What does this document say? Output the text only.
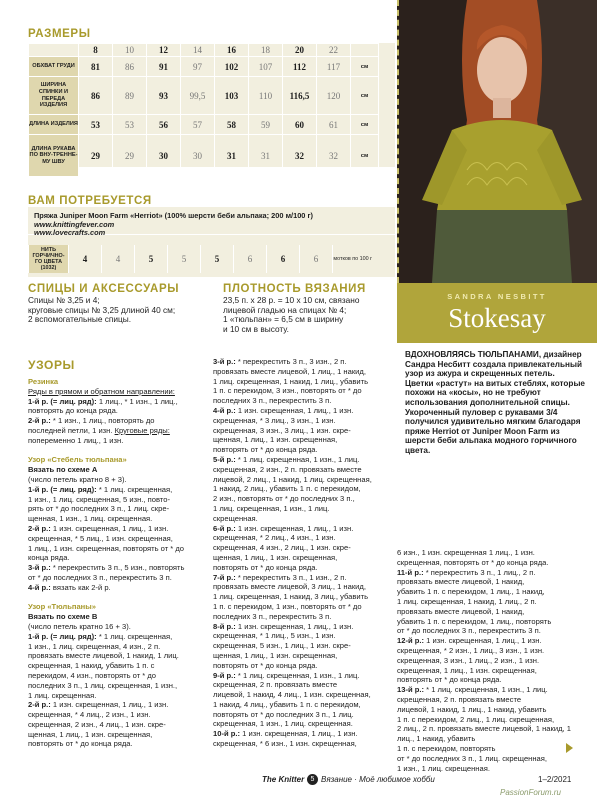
РАЗМЕРЫ
	8	10	12	14	16	18	20	22	
ОБХВАТ ГРУДИ	81	86	91	97	102	107	112	117	см
ШИРИНА СПИНКИ И ПЕРЕДА ИЗДЕЛИЯ	86	89	93	99,5	103	110	116,5	120	см
ДЛИНА ИЗДЕЛИЯ	53	53	56	57	58	59	60	61	см
ДЛИНА РУКАВА ПО ВНУ-ТРЕННЕ-МУ ШВУ	29	29	30	30	31	31	32	32	см
ВАМ ПОТРЕБУЕТСЯ
Пряжа Juniper Moon Farm «Herriot» (100% шерсти беби альпака; 200 м/100 г)
www.knittingfever.com
www.lovecrafts.com
НИТЬ ГОРЧИЧНО-ГО ЦВЕТА (1032)	4	4	5	5	5	6	6	6	мотков по 100 г
СПИЦЫ И АКСЕССУАРЫ
Спицы № 3,25 и 4;
круговые спицы № 3,25 длиной 40 см;
2 вспомогательные спицы.
ПЛОТНОСТЬ ВЯЗАНИЯ
23,5 п. х 28 р. = 10 х 10 см, связано
лицевой гладью на спицах № 4;
1 «тюльпан» = 6,5 см в ширину
и 10 см в высоту.
SANDRA NESBITT
Stokesay
УЗОРЫ
Резинка
Ряды в прямом и обратном направлении:
1-й р. (= лиц. ряд): 1 лиц., * 1 изн., 1 лиц.,
повторять до конца ряда.
2-й р.: * 1 изн., 1 лиц., повторять до
последней петли, 1 изн. Круговые ряды:
попеременно 1 лиц., 1 изн.

Узор «Стебель тюльпана»
Вязать по схеме А
(число петель кратно 8 + 3).
1-й р. (= лиц. ряд): * 1 лиц. скрещенная,
1 изн., 1 лиц. скрещенная, 5 изн., повто-
рять от * до последних 3 п., 1 лиц. скре-
щенная, 1 изн., 1 лиц. скрещенная.
2-й р.: 1 изн. скрещенная, 1 лиц., 1 изн.
скрещенная, * 5 лиц., 1 изн. скрещенная,
1 лиц., 1 изн. скрещенная, повторять от * до
конца ряда.
3-й р.: * перекрестить 3 п., 5 изн., повторять
от * до последних 3 п., перекрестить 3 п.
4-й р.: вязать как 2-й р.

Узор «Тюльпаны»
Вязать по схеме В
(число петель кратно 16 + 3).
1-й р. (= лиц. ряд): * 1 лиц. скрещенная,
1 изн., 1 лиц. скрещенная, 4 изн., 2 п.
провязать вместе лицевой, 1 накид, 1 лиц.
скрещенная, 1 накид, убавить 1 п. с
перекидом, 4 изн., повторять от * до
последних 3 п., 1 лиц. скрещенная, 1 изн.,
1 лиц. скрещенная.
2-й р.: 1 изн. скрещенная, 1 лиц., 1 изн.
скрещенная, * 4 лиц., 2 изн., 1 изн.
скрещенная, 2 изн., 4 лиц., 1 изн. скре-
щенная, 1 лиц., 1 изн. скрещенная,
повторять от * до конца ряда.
3-й р.: * перекрестить 3 п., 3 изн., 2 п.
провязать вместе лицевой, 1 лиц., 1 накид,
1 лиц. скрещенная, 1 накид, 1 лиц., убавить
1 п. с перекидом, 3 изн., повторять от * до
последних 3 п., перекрестить 3 п.
4-й р.: 1 изн. скрещенная, 1 лиц., 1 изн.
скрещенная, * 3 лиц., 3 изн., 1 изн.
скрещенная, 3 изн., 3 лиц., 1 изн. скре-
щенная, 1 лиц., 1 изн. скрещенная,
повторять от * до конца ряда.
5-й р.: * 1 лиц. скрещенная, 1 изн., 1 лиц.
скрещенная, 2 изн., 2 п. провязать вместе
лицевой, 2 лиц., 1 накид, 1 лиц. скрещенная,
1 накид, 2 лиц., убавить 1 п. с перекидом,
2 изн., повторять от * до последних 3 п.,
1 лиц. скрещенная, 1 изн., 1 лиц.
скрещенная.
6-й р.: 1 изн. скрещенная, 1 лиц., 1 изн.
скрещенная, * 2 лиц., 4 изн., 1 изн.
скрещенная, 4 изн., 2 лиц., 1 изн. скре-
щенная, 1 лиц., 1 изн. скрещенная,
повторять от * до конца ряда.
7-й р.: * перекрестить 3 п., 1 изн., 2 п.
провязать вместе лицевой, 3 лиц., 1 накид,
1 лиц. скрещенная, 1 накид, 3 лиц., убавить
1 п. с перекидом, 1 изн., повторять от * до
последних 3 п., перекрестить 3 п.
8-й р.: 1 изн. скрещенная, 1 лиц., 1 изн.
скрещенная, * 1 лиц., 5 изн., 1 изн.
скрещенная, 5 изн., 1 лиц., 1 изн. скре-
щенная, 1 лиц., 1 изн. скрещенная,
повторять от * до конца ряда.
9-й р.: * 1 лиц. скрещенная, 1 изн., 1 лиц.
скрещенная, 2 п. провязать вместе
лицевой, 1 накид, 4 лиц., 1 изн. скрещенная,
1 накид, 4 лиц., убавить 1 п. с перекидом,
повторять от * до последних 3 п., 1 лиц.
скрещенная, 1 изн., 1 лиц. скрещенная.
10-й р.: 1 изн. скрещенная, 1 лиц., 1 изн.
скрещенная, * 6 изн., 1 изн. скрещенная,
ВДОХНОВЛЯЯСЬ ТЮЛЬПАНАМИ, дизайнер Сандра Несбитт создала привлекательный узор из ажура и скрещенных петель. Цветки «растут» на витых стеблях, которые похожи на «косы», но не требуют использования дополнительной спицы. Укороченный пуловер с рукавами 3/4 получился удивительно мягким благодаря пряже Herriot от Juniper Moon Farm из шерсти беби альпака модного горчичного цвета.
6 изн., 1 изн. скрещенная 1 лиц., 1 изн.
скрещенная, повторять от * до конца ряда.
11-й р.: * перекрестить 3 п., 1 лиц., 2 п.
провязать вместе лицевой, 1 накид,
убавить 1 п. с перекидом, 1 лиц., 1 накид,
1 лиц. скрещенная, 1 накид, 1 лиц., 2 п.
провязать вместе лицевой, 1 накид,
убавить 1 п. с перекидом, 1 лиц., повторять
от * до последних 3 п., перекрестить 3 п.
12-й р.: 1 изн. скрещенная, 1 лиц., 1 изн.
скрещенная, * 2 изн., 1 лиц., 3 изн., 1 изн.
скрещенная, 3 изн., 1 лиц., 2 изн., 1 изн.
скрещенная, 1 лиц., 1 изн. скрещенная,
повторять от * до конца ряда.
13-й р.: * 1 лиц. скрещенная, 1 изн., 1 лиц.
скрещенная, 2 п. провязать вместе
лицевой, 1 накид, 1 лиц., 1 накид, убавить
1 п. с перекидом, 2 лиц., 1 лиц. скрещенная,
2 лиц., 2 п. провязать вместе лицевой, 1 накид, 1 лиц., 1 накид, убавить
1 п. с перекидом, повторять
от * до последних 3 п., 1 лиц. скрещенная,
1 изн., 1 лиц. скрещенная.

The Knitter 5 Вязание · Моё любимое хобби	1–2/2021
PassionForum.ru
